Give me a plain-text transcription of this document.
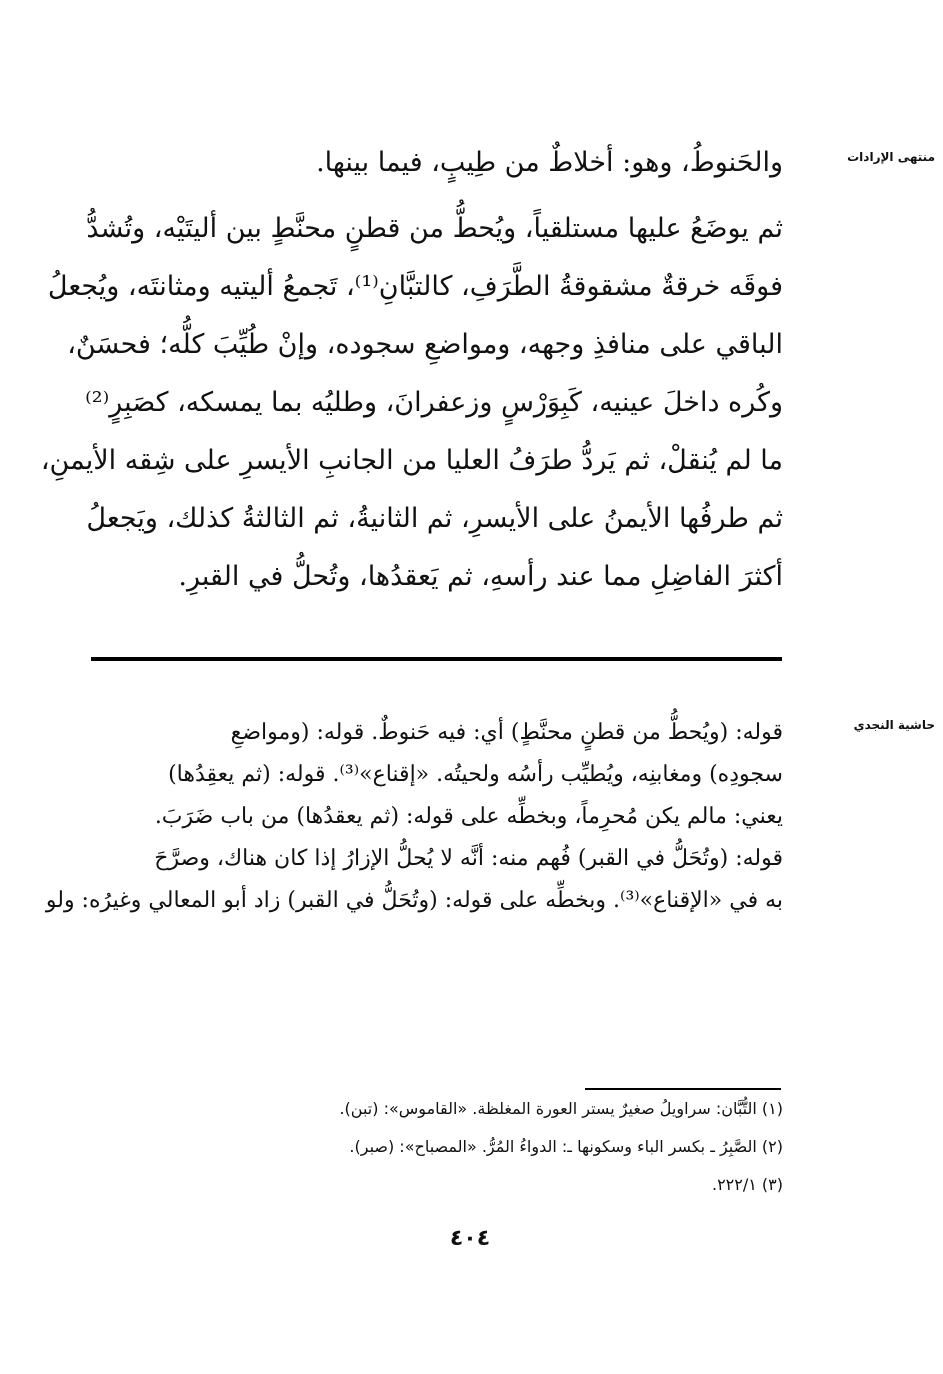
منتهى الإرادات
والحَنوطُ، وهو: أخلاطٌ من طِيبٍ، فيما بينها.
ثم يوضَعُ عليها مستلقياً، ويُحطُّ من قطنٍ محنَّطٍ بين أليتَيْه، وتُشدُّ
فوقَه خرقةٌ مشقوقةُ الطَّرَفِ، كالتبَّانِ⁽¹⁾، تَجمعُ أليتيه ومثانتَه، ويُجعلُ
الباقي على منافذِ وجهه، ومواضعِ سجوده، وإنْ طُيِّبَ كلُّه؛ فحسَنٌ،
وكُره داخلَ عينيه، كَبِوَرْسٍ وزعفرانَ، وطليُه بما يمسكه، كصَبِرٍ⁽²⁾
ما لم يُنقلْ، ثم يَردُّ طرَفُ العليا من الجانبِ الأيسرِ على شِقه الأيمنِ،
ثم طرفُها الأيمنُ على الأيسرِ، ثم الثانيةُ، ثم الثالثةُ كذلك، ويَجعلُ
أكثرَ الفاضِلِ مما عند رأسهِ، ثم يَعقدُها، وتُحلُّ في القبرِ.
حاشية النجدي
قوله: (ويُحطُّ من قطنٍ محنَّطٍ) أي: فيه حَنوطٌ. قوله: (ومواضعِ
سجودِه) ومغابنِه، ويُطيِّب رأسُه ولحيتُه. «إقناع»⁽³⁾. قوله: (ثم يعقِدُها)
يعني: مالم يكن مُحرِماً، وبخطِّه على قوله: (ثم يعقدُها) من باب ضَرَبَ.
قوله: (وتُحَلُّ في القبر) فُهم منه: أنَّه لا يُحلُّ الإزارُ إذا كان هناك، وصرَّحَ
به في «الإقناع»⁽³⁾. وبخطِّه على قوله: (وتُحَلُّ في القبر) زاد أبو المعالي وغيرُه: ولو
(١) التُّبَّان: سراويلُ صغيرٌ يستر العورة المغلظة. «القاموس»: (تبن).
(٢) الصَّبِرُ ـ بكسر الباء وسكونها ـ: الدواءُ المُرُّ. «المصباح»: (صبر).
(٣) ٢٢٢/١.
٤٠٤
